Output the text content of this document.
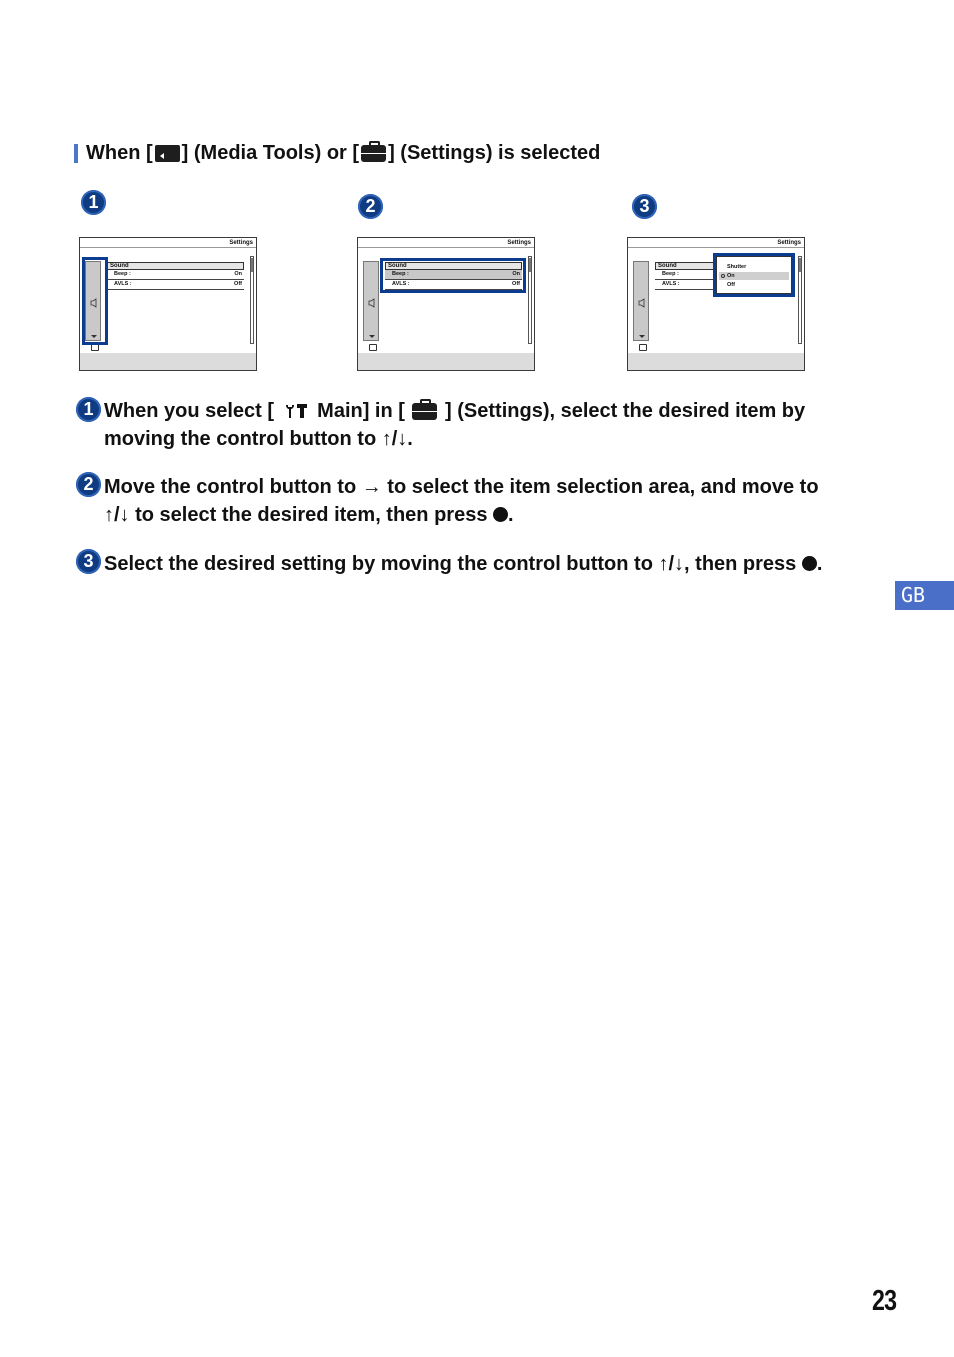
When [ ] (Media Tools) or [ ] (Settings) is selected
1	2	3
Settings
Sound
Beep :	On
AVLS :	Off
Settings
Sound
Beep :	On
AVLS :	Off
Settings
Sound
Beep :
AVLS :
Shutter
On
Off
1 When you select [  Main] in [ ] (Settings), select the desired item by
moving the control button to ↑/↓.
2 Move the control button to → to select the item selection area, and move to
↑/↓ to select the desired item, then press .
3 Select the desired setting by moving the control button to ↑/↓, then press .
GB
23
